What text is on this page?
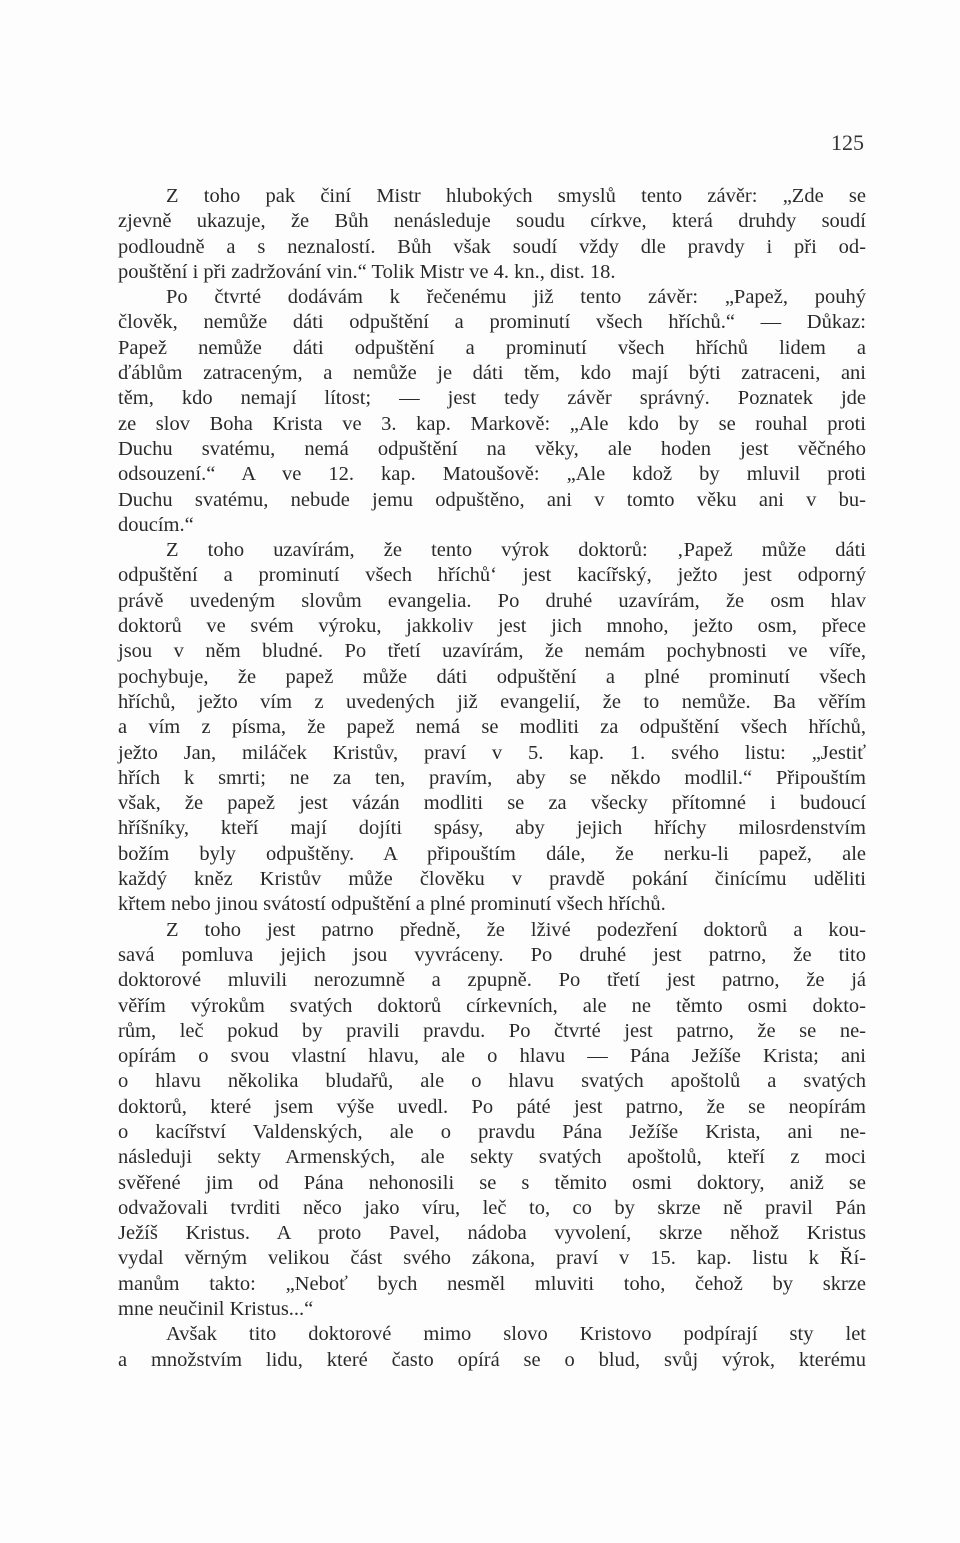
125
Z toho pak činí Mistr hlubokých smyslů tento závěr: „Zde se
zjevně ukazuje, že Bůh nenásleduje soudu církve, která druhdy soudí
podloudně a s neznalostí. Bůh však soudí vždy dle pravdy i při od-
pouštění i při zadržování vin.“ Tolik Mistr ve 4. kn., dist. 18.
Po čtvrté dodávám k řečenému již tento závěr: „Papež, pouhý
člověk, nemůže dáti odpuštění a prominutí všech hříchů.“ — Důkaz:
Papež nemůže dáti odpuštění a prominutí všech hříchů lidem a
ďáblům zatraceným, a nemůže je dáti těm, kdo mají býti zatraceni, ani
těm, kdo nemají lítost; — jest tedy závěr správný. Poznatek jde
ze slov Boha Krista ve 3. kap. Markově: „Ale kdo by se rouhal proti
Duchu svatému, nemá odpuštění na věky, ale hoden jest věčného
odsouzení.“ A ve 12. kap. Matoušově: „Ale kdož by mluvil proti
Duchu svatému, nebude jemu odpuštěno, ani v tomto věku ani v bu-
doucím.“
Z toho uzavírám, že tento výrok doktorů: ‚Papež může dáti
odpuštění a prominutí všech hříchů‘ jest kacířský, ježto jest odporný
právě uvedeným slovům evangelia. Po druhé uzavírám, že osm hlav
doktorů ve svém výroku, jakkoliv jest jich mnoho, ježto osm, přece
jsou v něm bludné. Po třetí uzavírám, že nemám pochybnosti ve víře,
pochybuje, že papež může dáti odpuštění a plné prominutí všech
hříchů, ježto vím z uvedených již evangelií, že to nemůže. Ba věřím
a vím z písma, že papež nemá se modliti za odpuštění všech hříchů,
ježto Jan, miláček Kristův, praví v 5. kap. 1. svého listu: „Jestiť
hřích k smrti; ne za ten, pravím, aby se někdo modlil.“ Připouštím
však, že papež jest vázán modliti se za všecky přítomné i budoucí
hříšníky, kteří mají dojíti spásy, aby jejich hříchy milosrdenstvím
božím byly odpuštěny. A připouštím dále, že nerku-li papež, ale
každý kněz Kristův může člověku v pravdě pokání činícímu uděliti
křtem nebo jinou svátostí odpuštění a plné prominutí všech hříchů.
Z toho jest patrno předně, že lživé podezření doktorů a kou-
savá pomluva jejich jsou vyvráceny. Po druhé jest patrno, že tito
doktorové mluvili nerozumně a zpupně. Po třetí jest patrno, že já
věřím výrokům svatých doktorů církevních, ale ne těmto osmi dokto-
rům, leč pokud by pravili pravdu. Po čtvrté jest patrno, že se ne-
opírám o svou vlastní hlavu, ale o hlavu — Pána Ježíše Krista; ani
o hlavu několika bludařů, ale o hlavu svatých apoštolů a svatých
doktorů, které jsem výše uvedl. Po páté jest patrno, že se neopírám
o kacířství Valdenských, ale o pravdu Pána Ježíše Krista, ani ne-
následuji sekty Armenských, ale sekty svatých apoštolů, kteří z moci
svěřené jim od Pána nehonosili se s těmito osmi doktory, aniž se
odvažovali tvrditi něco jako víru, leč to, co by skrze ně pravil Pán
Ježíš Kristus. A proto Pavel, nádoba vyvolení, skrze něhož Kristus
vydal věrným velikou část svého zákona, praví v 15. kap. listu k Ří-
manům takto: „Neboť bych nesměl mluviti toho, čehož by skrze
mne neučinil Kristus...“
Avšak tito doktorové mimo slovo Kristovo podpírají sty let
a množstvím lidu, které často opírá se o blud, svůj výrok, kterému
